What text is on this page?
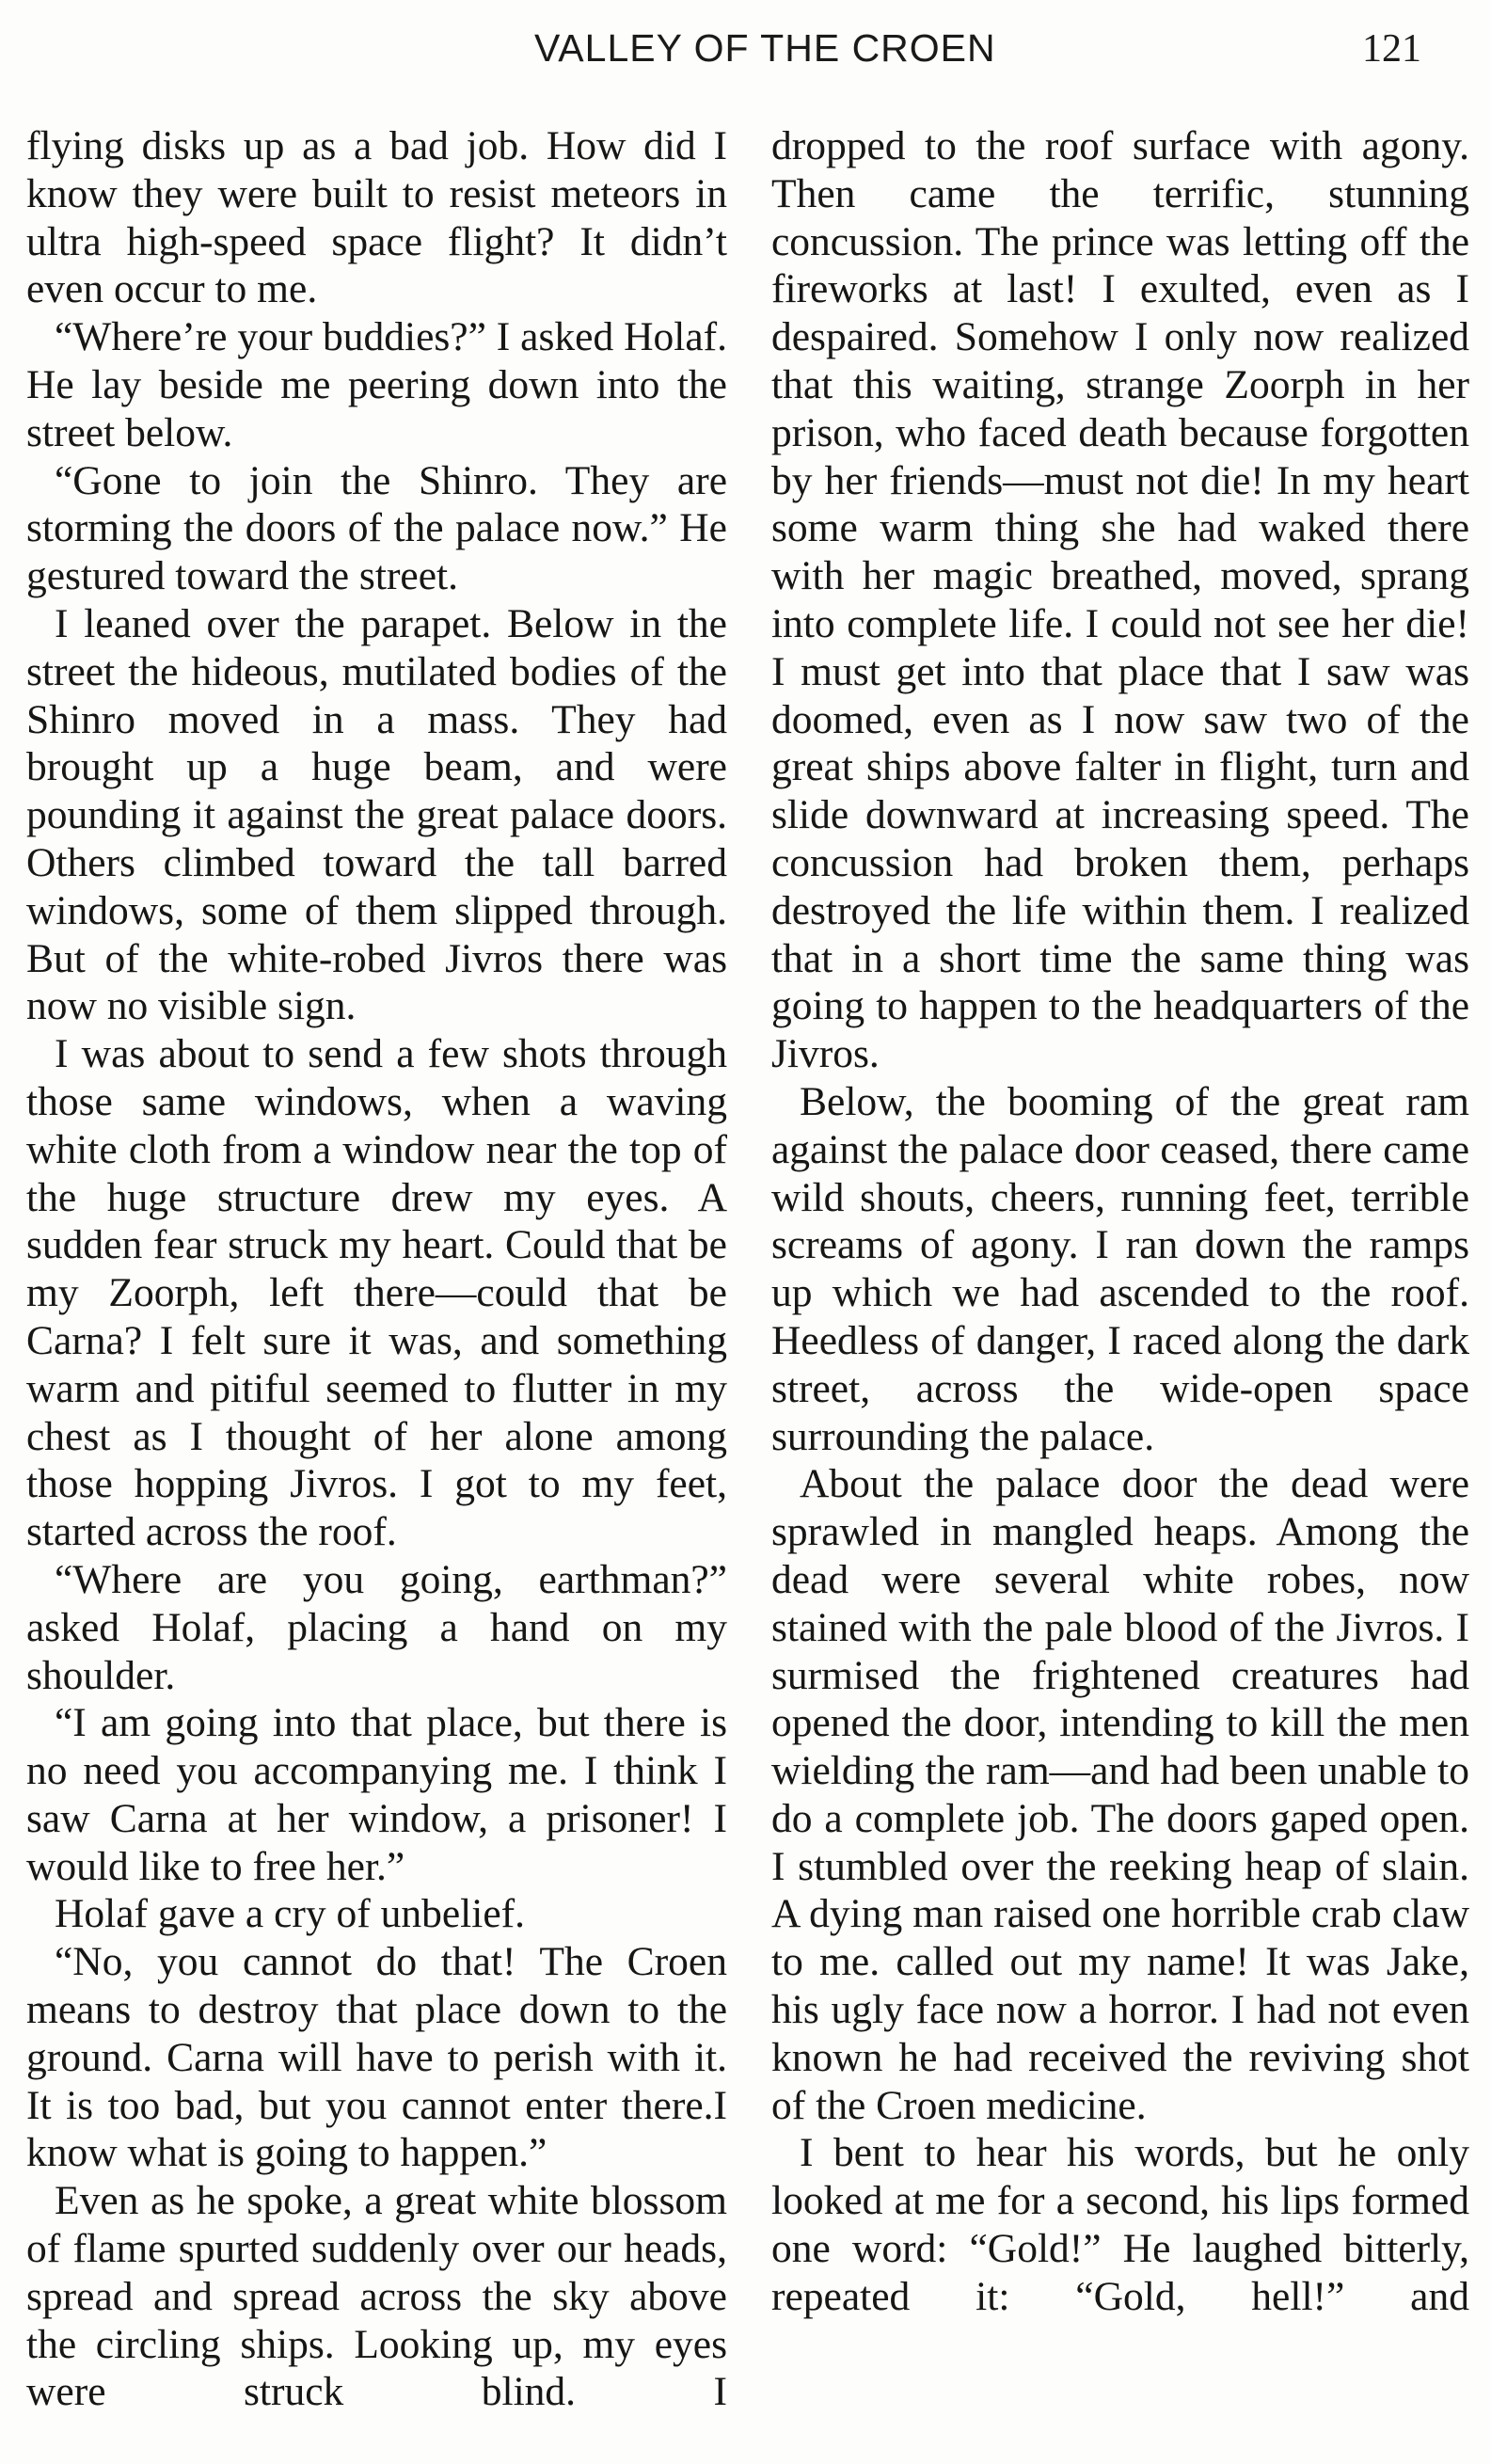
VALLEY OF THE CROEN	121

flying disks up as a bad job. How did I know they were built to resist meteors in ultra high-speed space flight? It didn’t even occur to me.

“Where’re your buddies?” I asked Holaf. He lay beside me peering down into the street below.

“Gone to join the Shinro. They are storming the doors of the palace now.” He gestured toward the street.

I leaned over the parapet. Below in the street the hideous, mutilated bodies of the Shinro moved in a mass. They had brought up a huge beam, and were pounding it against the great palace doors. Others climbed toward the tall barred windows, some of them slipped through. But of the white-robed Jivros there was now no visible sign.

I was about to send a few shots through those same windows, when a waving white cloth from a window near the top of the huge structure drew my eyes. A sudden fear struck my heart. Could that be my Zoorph, left there—could that be Carna? I felt sure it was, and something warm and pitiful seemed to flutter in my chest as I thought of her alone among those hopping Jivros. I got to my feet, started across the roof.

“Where are you going, earthman?” asked Holaf, placing a hand on my shoulder.

“I am going into that place, but there is no need you accompanying me. I think I saw Carna at her window, a prisoner! I would like to free her.”

Holaf gave a cry of unbelief.

“No, you cannot do that! The Croen means to destroy that place down to the ground. Carna will have to perish with it. It is too bad, but you cannot enter there.I know what is going to happen.”

Even as he spoke, a great white blossom of flame spurted suddenly over our heads, spread and spread across the sky above the circling ships. Looking up, my eyes were struck blind. I

dropped to the roof surface with agony. Then came the terrific, stunning concussion. The prince was letting off the fireworks at last! I exulted, even as I despaired. Somehow I only now realized that this waiting, strange Zoorph in her prison, who faced death because forgotten by her friends—must not die! In my heart some warm thing she had waked there with her magic breathed, moved, sprang into complete life. I could not see her die! I must get into that place that I saw was doomed, even as I now saw two of the great ships above falter in flight, turn and slide downward at increasing speed. The concussion had broken them, perhaps destroyed the life within them. I realized that in a short time the same thing was going to happen to the headquarters of the Jivros.

Below, the booming of the great ram against the palace door ceased, there came wild shouts, cheers, running feet, terrible screams of agony. I ran down the ramps up which we had ascended to the roof. Heedless of danger, I raced along the dark street, across the wide-open space surrounding the palace.

About the palace door the dead were sprawled in mangled heaps. Among the dead were several white robes, now stained with the pale blood of the Jivros. I surmised the frightened creatures had opened the door, intending to kill the men wielding the ram—and had been unable to do a complete job. The doors gaped open. I stumbled over the reeking heap of slain. A dying man raised one horrible crab claw to me. called out my name! It was Jake, his ugly face now a horror. I had not even known he had received the reviving shot of the Croen medicine.

I bent to hear his words, but he only looked at me for a second, his lips formed one word: “Gold!” He laughed bitterly, repeated it: “Gold, hell!” and
